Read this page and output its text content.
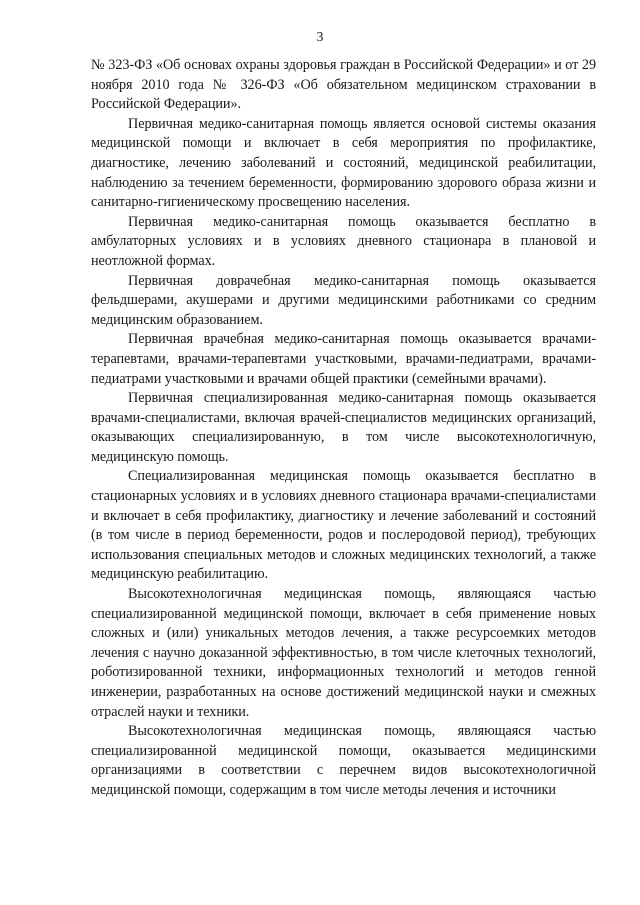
3

№ 323-ФЗ «Об основах охраны здоровья граждан в Российской Федерации» и от 29 ноября 2010 года № 326-ФЗ «Об обязательном медицинском страховании в Российской Федерации».

Первичная медико-санитарная помощь является основой системы оказания медицинской помощи и включает в себя мероприятия по профилактике, диагностике, лечению заболеваний и состояний, медицинской реабилитации, наблюдению за течением беременности, формированию здорового образа жизни и санитарно-гигиеническому просвещению населения.

Первичная медико-санитарная помощь оказывается бесплатно в амбулаторных условиях и в условиях дневного стационара в плановой и неотложной формах.

Первичная доврачебная медико-санитарная помощь оказывается фельдшерами, акушерами и другими медицинскими работниками со средним медицинским образованием.

Первичная врачебная медико-санитарная помощь оказывается врачами-терапевтами, врачами-терапевтами участковыми, врачами-педиатрами, врачами-педиатрами участковыми и врачами общей практики (семейными врачами).

Первичная специализированная медико-санитарная помощь оказывается врачами-специалистами, включая врачей-специалистов медицинских организаций, оказывающих специализированную, в том числе высокотехнологичную, медицинскую помощь.

Специализированная медицинская помощь оказывается бесплатно в стационарных условиях и в условиях дневного стационара врачами-специалистами и включает в себя профилактику, диагностику и лечение заболеваний и состояний (в том числе в период беременности, родов и послеродовой период), требующих использования специальных методов и сложных медицинских технологий, а также медицинскую реабилитацию.

Высокотехнологичная медицинская помощь, являющаяся частью специализированной медицинской помощи, включает в себя применение новых сложных и (или) уникальных методов лечения, а также ресурсоемких методов лечения с научно доказанной эффективностью, в том числе клеточных технологий, роботизированной техники, информационных технологий и методов генной инженерии, разработанных на основе достижений медицинской науки и смежных отраслей науки и техники.

Высокотехнологичная медицинская помощь, являющаяся частью специализированной медицинской помощи, оказывается медицинскими организациями в соответствии с перечнем видов высокотехнологичной медицинской помощи, содержащим в том числе методы лечения и источники
